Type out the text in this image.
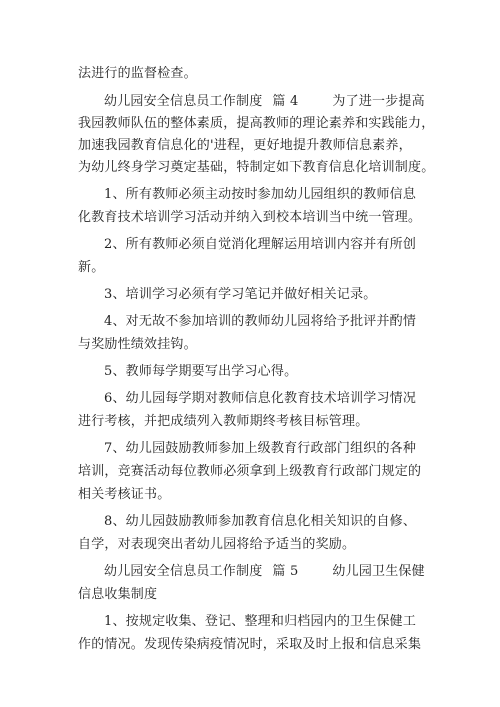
法进行的监督检查。
幼儿园安全信息员工作制度 篇 4	为了进一步提高
我园教师队伍的整体素质，提高教师的理论素养和实践能力，
加速我园教育信息化的'进程，更好地提升教师信息素养，
为幼儿终身学习奠定基础，特制定如下教育信息化培训制度。
1、所有教师必须主动按时参加幼儿园组织的教师信息
化教育技术培训学习活动并纳入到校本培训当中统一管理。
2、所有教师必须自觉消化理解运用培训内容并有所创
新。
3、培训学习必须有学习笔记并做好相关记录。
4、对无故不参加培训的教师幼儿园将给予批评并酌情
与奖励性绩效挂钩。
5、教师每学期要写出学习心得。
6、幼儿园每学期对教师信息化教育技术培训学习情况
进行考核，并把成绩列入教师期终考核目标管理。
7、幼儿园鼓励教师参加上级教育行政部门组织的各种
培训，竞赛活动每位教师必须拿到上级教育行政部门规定的
相关考核证书。
8、幼儿园鼓励教师参加教育信息化相关知识的自修、
自学，对表现突出者幼儿园将给予适当的奖励。
幼儿园安全信息员工作制度 篇 5	幼儿园卫生保健
信息收集制度
1、按规定收集、登记、整理和归档园内的卫生保健工
作的情况。发现传染病疫情况时，采取及时上报和信息采集
